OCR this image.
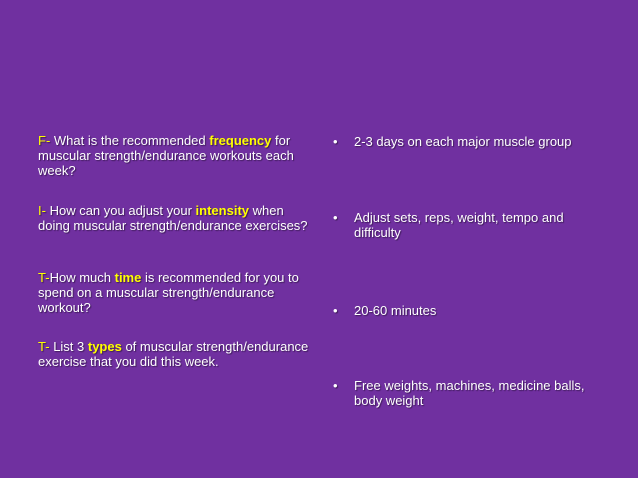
F- What is the recommended frequency for muscular strength/endurance workouts each week?
I- How can you adjust your intensity when doing muscular strength/endurance exercises?
T-How much time is recommended for you to spend on a muscular strength/endurance workout?
T- List 3 types of muscular strength/endurance exercise that you did this week.
• 2-3 days on each major muscle group
• Adjust sets, reps, weight, tempo and difficulty
• 20-60 minutes
• Free weights, machines, medicine balls, body weight
